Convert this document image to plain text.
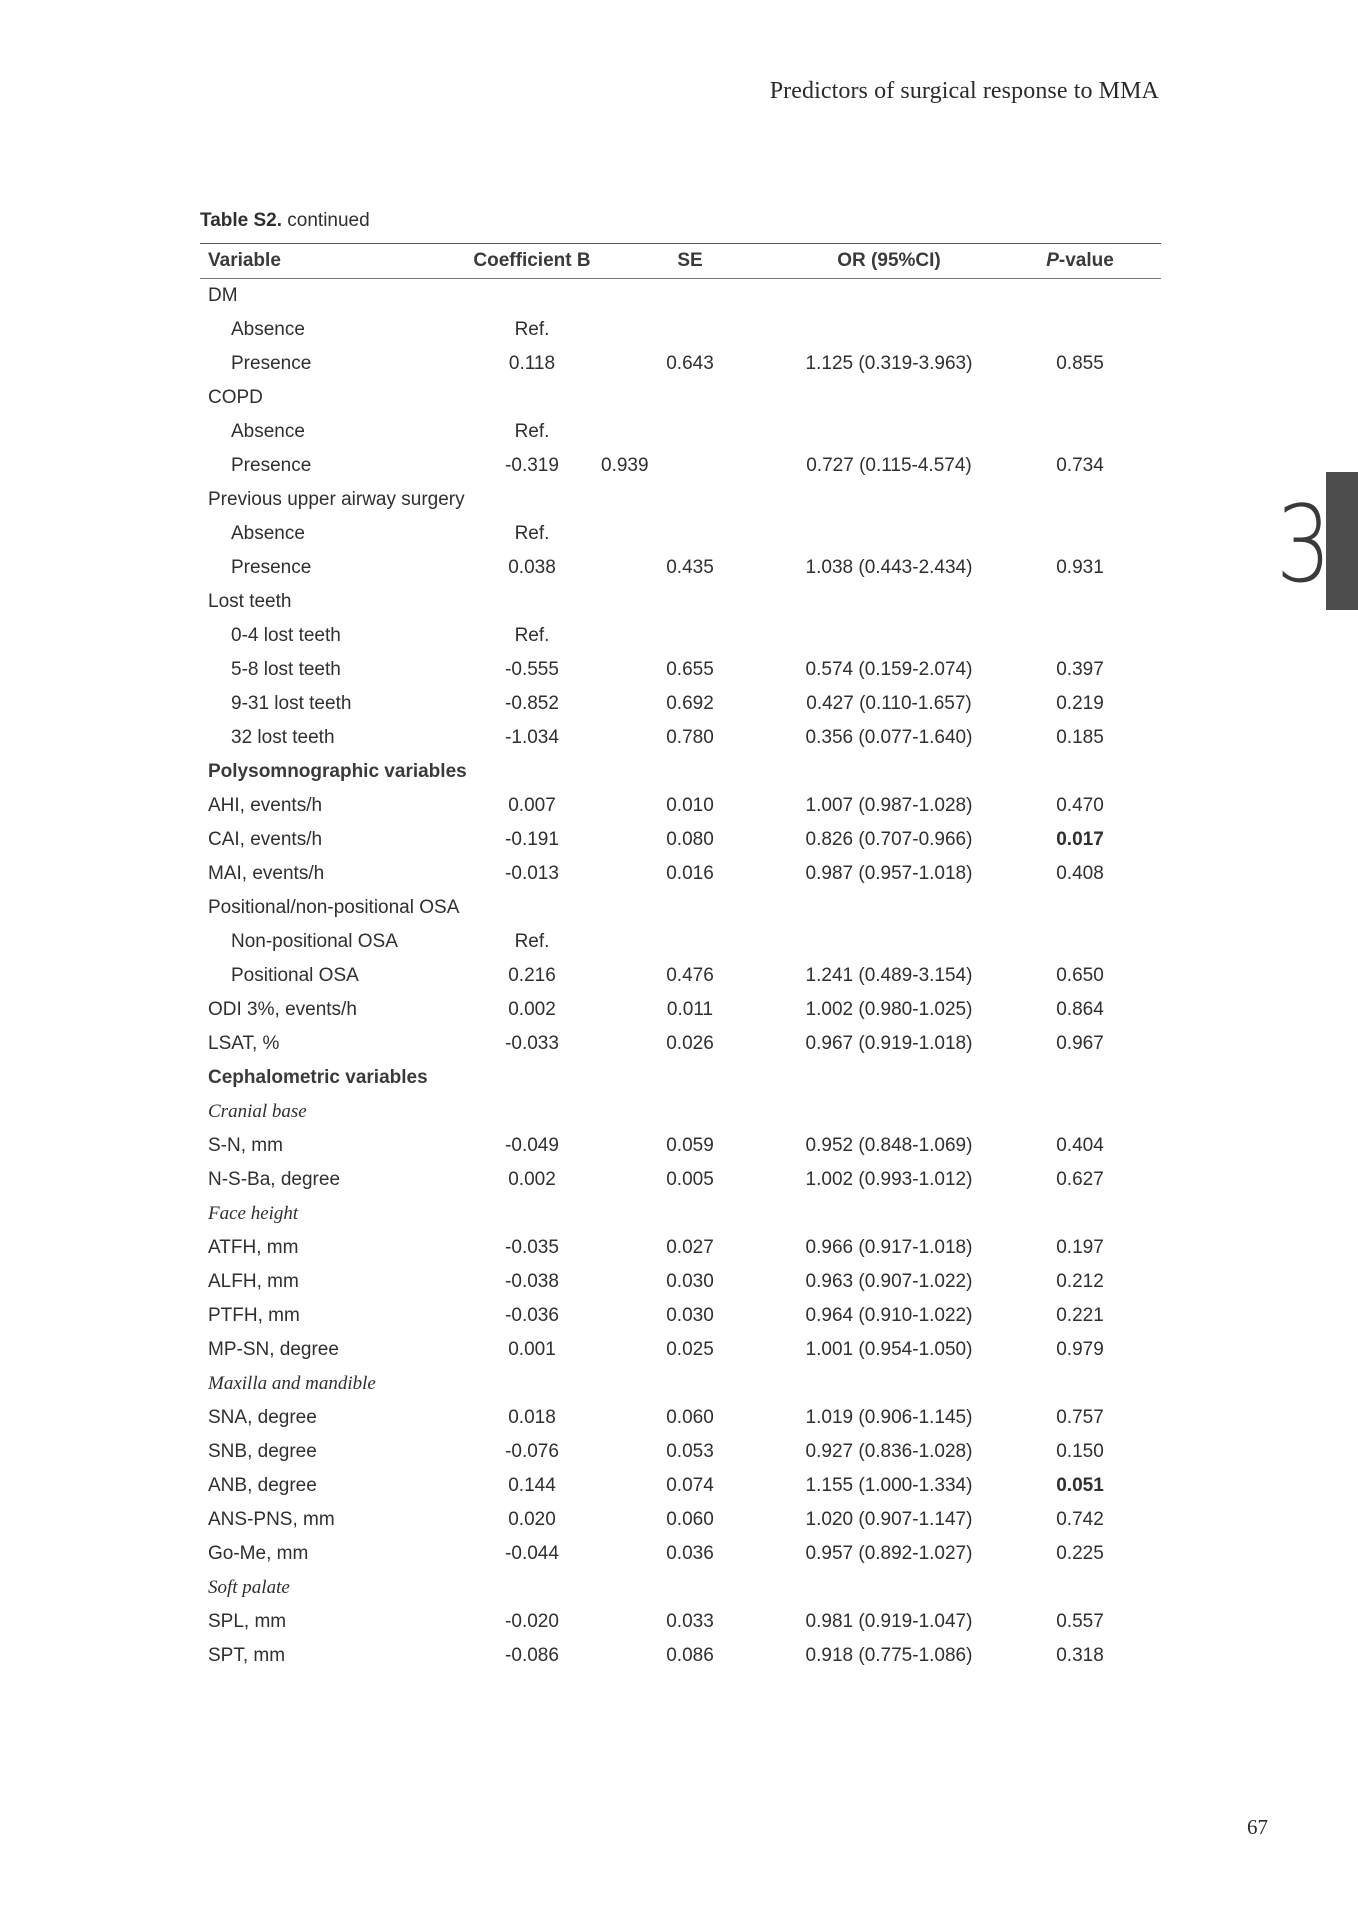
Predictors of surgical response to MMA
3
Table S2. continued
Variable	Coefficient B	SE	OR (95%CI)	P-value
DM				
Absence	Ref.			
Presence	0.118	0.643	1.125 (0.319-3.963)	0.855
COPD				
Absence	Ref.			
Presence	-0.319	0.939	0.727 (0.115-4.574)	0.734
Previous upper airway surgery				
Absence	Ref.			
Presence	0.038	0.435	1.038 (0.443-2.434)	0.931
Lost teeth				
0-4 lost teeth	Ref.			
5-8 lost teeth	-0.555	0.655	0.574 (0.159-2.074)	0.397
9-31 lost teeth	-0.852	0.692	0.427 (0.110-1.657)	0.219
32 lost teeth	-1.034	0.780	0.356 (0.077-1.640)	0.185
Polysomnographic variables				
AHI, events/h	0.007	0.010	1.007 (0.987-1.028)	0.470
CAI, events/h	-0.191	0.080	0.826 (0.707-0.966)	0.017
MAI, events/h	-0.013	0.016	0.987 (0.957-1.018)	0.408
Positional/non-positional OSA				
Non-positional OSA	Ref.			
Positional OSA	0.216	0.476	1.241 (0.489-3.154)	0.650
ODI 3%, events/h	0.002	0.011	1.002 (0.980-1.025)	0.864
LSAT, %	-0.033	0.026	0.967 (0.919-1.018)	0.967
Cephalometric variables				
Cranial base				
S-N, mm	-0.049	0.059	0.952 (0.848-1.069)	0.404
N-S-Ba, degree	0.002	0.005	1.002 (0.993-1.012)	0.627
Face height				
ATFH, mm	-0.035	0.027	0.966 (0.917-1.018)	0.197
ALFH, mm	-0.038	0.030	0.963 (0.907-1.022)	0.212
PTFH, mm	-0.036	0.030	0.964 (0.910-1.022)	0.221
MP-SN, degree	0.001	0.025	1.001 (0.954-1.050)	0.979
Maxilla and mandible				
SNA, degree	0.018	0.060	1.019 (0.906-1.145)	0.757
SNB, degree	-0.076	0.053	0.927 (0.836-1.028)	0.150
ANB, degree	0.144	0.074	1.155 (1.000-1.334)	0.051
ANS-PNS, mm	0.020	0.060	1.020 (0.907-1.147)	0.742
Go-Me, mm	-0.044	0.036	0.957 (0.892-1.027)	0.225
Soft palate				
SPL, mm	-0.020	0.033	0.981 (0.919-1.047)	0.557
SPT, mm	-0.086	0.086	0.918 (0.775-1.086)	0.318
67
